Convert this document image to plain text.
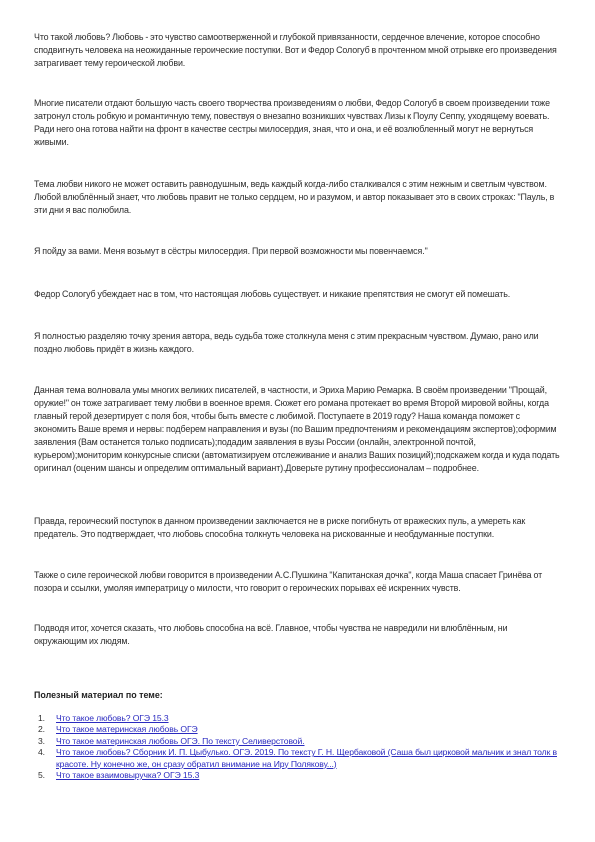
Что такой любовь? Любовь - это чувство самоотверженной и глубокой привязанности, сердечное влечение, которое способно сподвигнуть человека на неожиданные героические поступки. Вот и Федор Сологуб в прочтенном мной отрывке его произведения затрагивает тему героической любви.

Многие писатели отдают большую часть своего творчества произведениям о любви, Федор Сологуб в своем произведении тоже затронул столь робкую и романтичную тему, повествуя о внезапно возникших чувствах Лизы к Поулу Сеппу, уходящему воевать. Ради него она готова найти на фронт в качестве сестры милосердия, зная, что и она, и её возлюбленный могут не вернуться живыми.

Тема любви никого не может оставить равнодушным, ведь каждый когда-либо сталкивался с этим нежным и светлым чувством. Любой влюблённый знает, что любовь правит не только сердцем, но и разумом, и автор показывает это в своих строках: "Пауль, в эти дни я вас полюбила.

Я пойду за вами. Меня возьмут в сёстры милосердия. При первой возможности мы повенчаемся."

Федор Сологуб убеждает нас в том, что настоящая любовь существует. и никакие препятствия не смогут ей помешать.

Я полностью разделяю точку зрения автора, ведь судьба тоже столкнула меня с этим прекрасным чувством. Думаю, рано или поздно любовь придёт в жизнь каждого.

Данная тема волновала умы многих великих писателей, в частности, и Эрихa Марию Ремарка. В своём произведении "Прощай, оружие!" он тоже затрагивает тему любви в военное время. Сюжет его романа протекает во время Второй мировой войны, когда главный герой дезертирует с поля боя, чтобы быть вместе с любимой. Поступаете в 2019 году? Наша команда поможет с экономить Ваше время и нервы: подберем направления и вузы (по Вашим предпочтениям и рекомендациям экспертов);оформим заявления (Вам останется только подписать);подадим заявления в вузы России (онлайн, электронной почтой, курьером);мониторим конкурсные списки (автоматизируем отслеживание и анализ Ваших позиций);подскажем когда и куда подать оригинал (оценим шансы и определим оптимальный вариант).Доверьте рутину профессионалам – подробнее.

Правда, героический поступок в данном произведении заключается не в риске погибнуть от вражеских пуль, а умереть как предатель. Это подтверждает, что любовь способна толкнуть человека на рискованные и необдуманные поступки.

Также о силе героической любви говорится в произведении А.С.Пушкина "Капитанская дочка", когда Маша спасает Гринёва от позора и ссылки, умоляя императрицу о милости, что говорит о героических порывах её искренних чувств.

Подводя итог, хочется сказать, что любовь способна на всё. Главное, чтобы чувства не навредили ни влюблённым, ни окружающим их людям.

Полезный материал по теме:

1. Что такое любовь? ОГЭ 15.3
2. Что такое материнская любовь ОГЭ
3. Что такое материнская любовь ОГЭ. По тексту Селиверстовой.
4. Что такое любовь? Сборник И. П. Цыбулько. ОГЭ. 2019. По тексту Г. Н. Щербаковой (Саша был цирковой мальчик и знал толк в красоте. Ну конечно же, он сразу обратил внимание на Иру Полякову...)
5. Что такое взаимовыручка? ОГЭ 15.3
